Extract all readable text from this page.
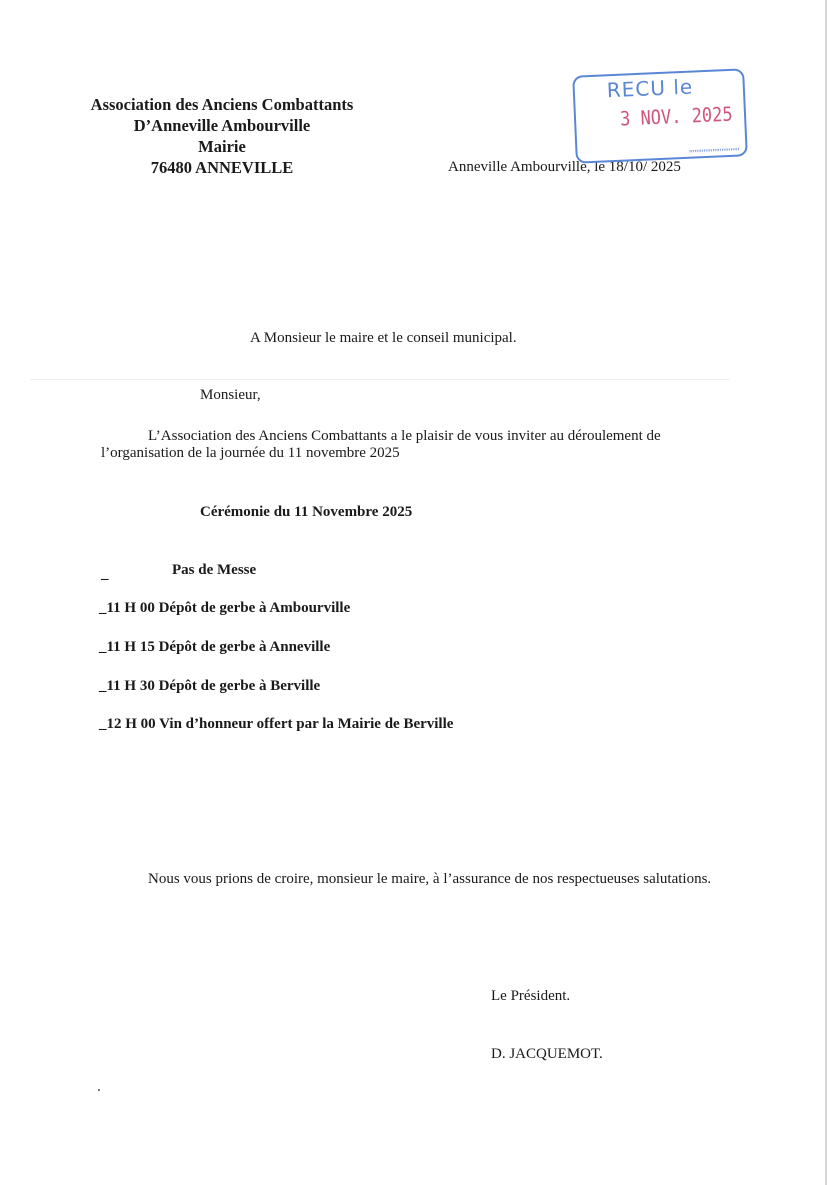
Association des Anciens Combattants
D’Anneville Ambourville
Mairie
76480 ANNEVILLE	Anneville Ambourville, le 18/10/ 2025
RECU le
3 NOV. 2025
''''''''''''''''''''''''''''
A Monsieur le maire et le conseil municipal.
Monsieur,
L’Association des Anciens Combattants a le plaisir de vous inviter au déroulement de l’organisation de la journée du 11 novembre 2025
Cérémonie du 11 Novembre 2025
_	Pas de Messe
_11 H 00 Dépôt de gerbe à Ambourville
_11 H 15 Dépôt de gerbe à Anneville
_11 H 30 Dépôt de gerbe à Berville
_12 H 00 Vin d’honneur offert par la Mairie de Berville
Nous vous prions de croire, monsieur le maire, à l’assurance de nos respectueuses salutations.
Le Président.
D. JACQUEMOT.
